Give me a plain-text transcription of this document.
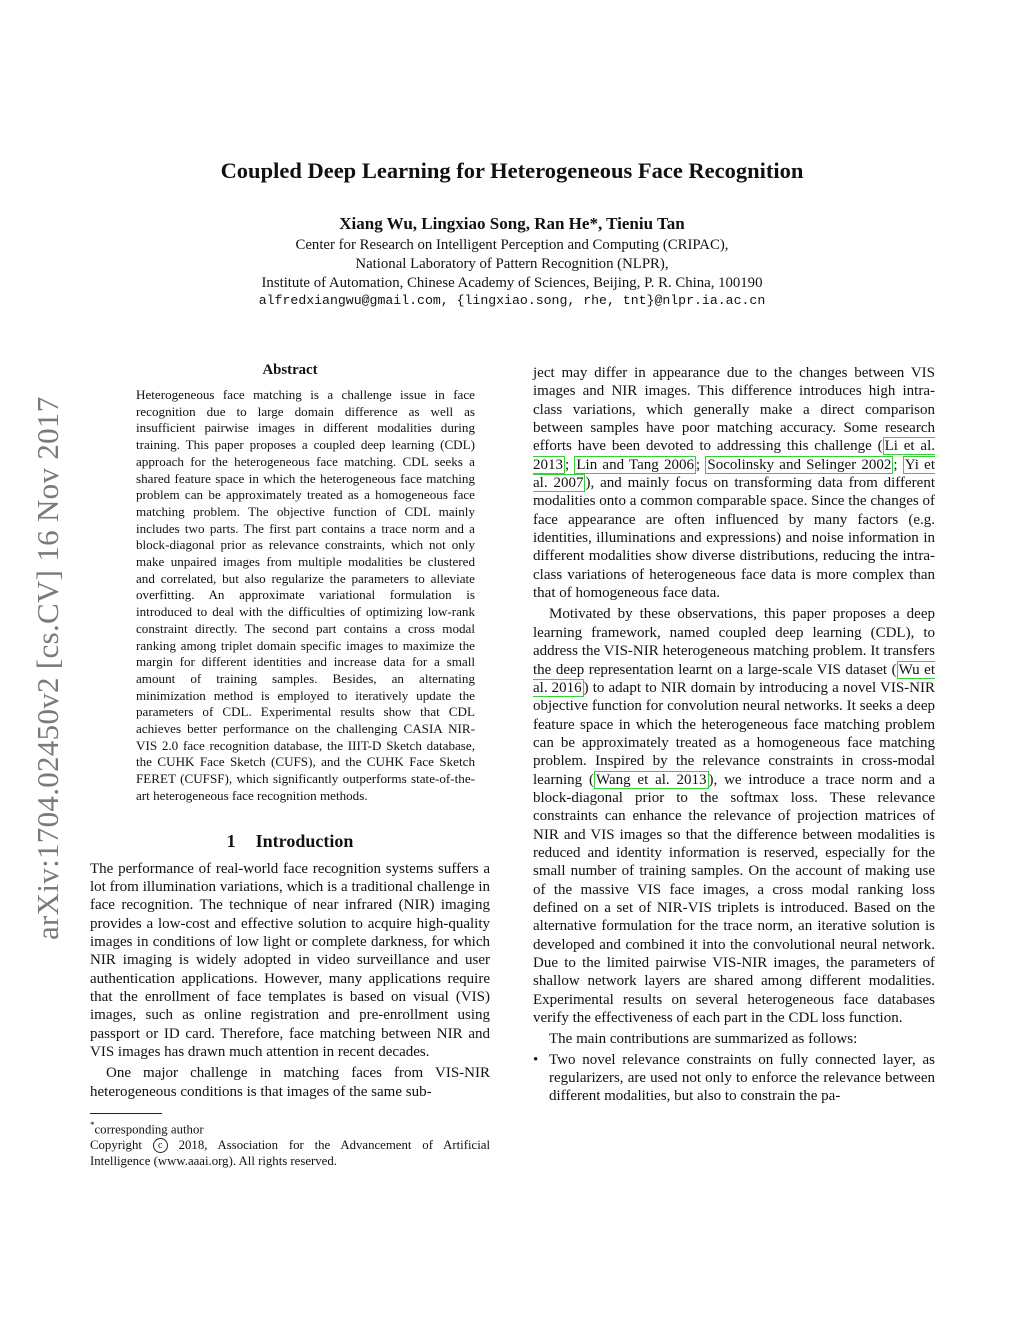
arXiv:1704.02450v2 [cs.CV] 16 Nov 2017
Coupled Deep Learning for Heterogeneous Face Recognition
Xiang Wu, Lingxiao Song, Ran He*, Tieniu Tan
Center for Research on Intelligent Perception and Computing (CRIPAC),
National Laboratory of Pattern Recognition (NLPR),
Institute of Automation, Chinese Academy of Sciences, Beijing, P. R. China, 100190
alfredxiangwu@gmail.com, {lingxiao.song, rhe, tnt}@nlpr.ia.ac.cn
Abstract

Heterogeneous face matching is a challenge issue in face recognition due to large domain difference as well as insufficient pairwise images in different modalities during training. This paper proposes a coupled deep learning (CDL) approach for the heterogeneous face matching. CDL seeks a shared feature space in which the heterogeneous face matching problem can be approximately treated as a homogeneous face matching problem. The objective function of CDL mainly includes two parts. The first part contains a trace norm and a block-diagonal prior as relevance constraints, which not only make unpaired images from multiple modalities be clustered and correlated, but also regularize the parameters to alleviate overfitting. An approximate variational formulation is introduced to deal with the difficulties of optimizing low-rank constraint directly. The second part contains a cross modal ranking among triplet domain specific images to maximize the margin for different identities and increase data for a small amount of training samples. Besides, an alternating minimization method is employed to iteratively update the parameters of CDL. Experimental results show that CDL achieves better performance on the challenging CASIA NIR-VIS 2.0 face recognition database, the IIIT-D Sketch database, the CUHK Face Sketch (CUFS), and the CUHK Face Sketch FERET (CUFSF), which significantly outperforms state-of-the-art heterogeneous face recognition methods.

1 Introduction

The performance of real-world face recognition systems suffers a lot from illumination variations, which is a traditional challenge in face recognition. The technique of near infrared (NIR) imaging provides a low-cost and effective solution to acquire high-quality images in conditions of low light or complete darkness, for which NIR imaging is widely adopted in video surveillance and user authentication applications. However, many applications require that the enrollment of face templates is based on visual (VIS) images, such as online registration and pre-enrollment using passport or ID card. Therefore, face matching between NIR and VIS images has drawn much attention in recent decades.

One major challenge in matching faces from VIS-NIR heterogeneous conditions is that images of the same sub-

*corresponding author

Copyright c 2018, Association for the Advancement of Artificial Intelligence (www.aaai.org). All rights reserved.

ject may differ in appearance due to the changes between VIS images and NIR images. This difference introduces high intra-class variations, which generally make a direct comparison between samples have poor matching accuracy. Some research efforts have been devoted to addressing this challenge ( Li et al. 2013 ; Lin and Tang 2006 ; Socolinsky and Selinger 2002 ; Yi et al. 2007 ), and mainly focus on transforming data from different modalities onto a common comparable space. Since the changes of face appearance are often influenced by many factors (e.g. identities, illuminations and expressions) and noise information in different modalities show diverse distributions, reducing the intra-class variations of heterogeneous face data is more complex than that of homogeneous face data.

Motivated by these observations, this paper proposes a deep learning framework, named coupled deep learning (CDL), to address the VIS-NIR heterogeneous matching problem. It transfers the deep representation learnt on a large-scale VIS dataset ( Wu et al. 2016 ) to adapt to NIR domain by introducing a novel VIS-NIR objective function for convolution neural networks. It seeks a deep feature space in which the heterogeneous face matching problem can be approximately treated as a homogeneous face matching problem. Inspired by the relevance constraints in cross-modal learning ( Wang et al. 2013 ), we introduce a trace norm and a block-diagonal prior to the softmax loss. These relevance constraints can enhance the relevance of projection matrices of NIR and VIS images so that the difference between modalities is reduced and identity information is reserved, especially for the small number of training samples. On the account of making use of the massive VIS face images, a cross modal ranking loss defined on a set of NIR-VIS triplets is introduced. Based on the alternative formulation for the trace norm, an iterative solution is developed and combined it into the convolutional neural network. Due to the limited pairwise VIS-NIR images, the parameters of shallow network layers are shared among different modalities. Experimental results on several heterogeneous face databases verify the effectiveness of each part in the CDL loss function.

The main contributions are summarized as follows:

• Two novel relevance constraints on fully connected layer, as regularizers, are used not only to enforce the relevance between different modalities, but also to constrain the pa-
